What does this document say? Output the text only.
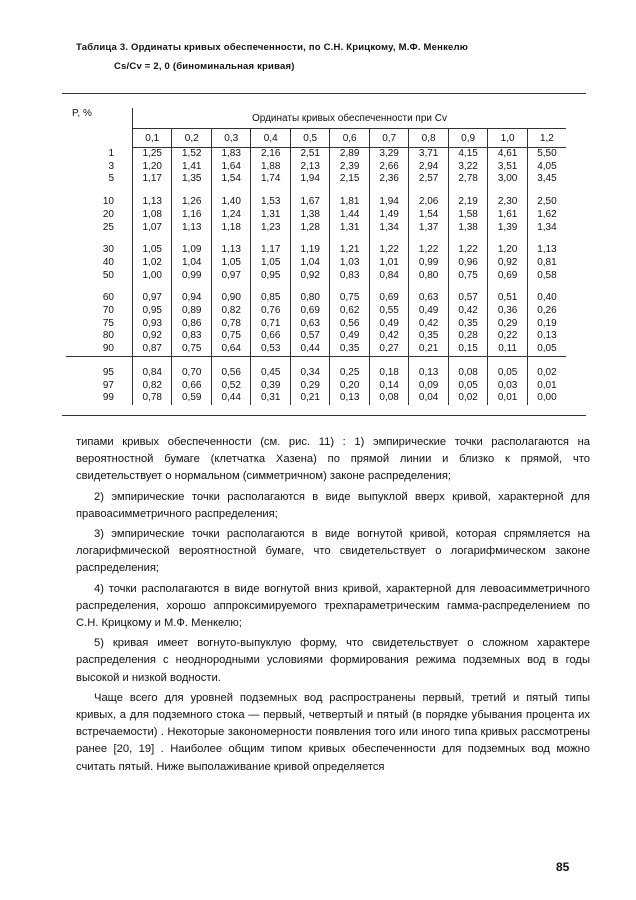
Таблица 3. Ординаты кривых обеспеченности, по С.Н. Крицкому, М.Ф. Менкелю
Cs/Cv = 2, 0 (биноминальная кривая)
P, %	Ординаты кривых обеспеченности при Cv										
	0,1	0,2	0,3	0,4	0,5	0,6	0,7	0,8	0,9	1,0	1,2
1	1,25	1,52	1,83	2,16	2,51	2,89	3,29	3,71	4,15	4,61	5,50
3	1,20	1,41	1,64	1,88	2,13	2,39	2,66	2,94	3,22	3,51	4,05
5	1,17	1,35	1,54	1,74	1,94	2,15	2,36	2,57	2,78	3,00	3,45
10	1,13	1,26	1,40	1,53	1,67	1,81	1,94	2,06	2,19	2,30	2,50
20	1,08	1,16	1,24	1,31	1,38	1,44	1,49	1,54	1,58	1,61	1,62
25	1,07	1,13	1,18	1,23	1,28	1,31	1,34	1,37	1,38	1,39	1,34
30	1,05	1,09	1,13	1,17	1,19	1,21	1,22	1,22	1,22	1,20	1,13
40	1,02	1,04	1,05	1,05	1,04	1,03	1,01	0,99	0,96	0,92	0,81
50	1,00	0,99	0,97	0,95	0,92	0,83	0,84	0,80	0,75	0,69	0,58
60	0,97	0,94	0,90	0,85	0,80	0,75	0,69	0,63	0,57	0,51	0,40
70	0,95	0,89	0,82	0,76	0,69	0,62	0,55	0,49	0,42	0,36	0,26
75	0,93	0,86	0,78	0,71	0,63	0,56	0,49	0,42	0,35	0,29	0,19
80	0,92	0,83	0,75	0,66	0,57	0,49	0,42	0,35	0,28	0,22	0,13
90	0,87	0,75	0,64	0,53	0,44	0,35	0,27	0,21	0,15	0,11	0,05
95	0,84	0,70	0,56	0,45	0,34	0,25	0,18	0,13	0,08	0,05	0,02
97	0,82	0,66	0,52	0,39	0,29	0,20	0,14	0,09	0,05	0,03	0,01
99	0,78	0,59	0,44	0,31	0,21	0,13	0,08	0,04	0,02	0,01	0,00

типами кривых обеспеченности (см. рис. 11) : 1) эмпирические точки располагаются на вероятностной бумаге (клетчатка Хазена) по прямой линии и близко к прямой, что свидетельствует о нормальном (симметричном) законе распределения;

2) эмпирические точки располагаются в виде выпуклой вверх кривой, характерной для правоасимметричного распределения;

3) эмпирические точки располагаются в виде вогнутой кривой, которая спрямляется на логарифмической вероятностной бумаге, что свидетельствует о логарифмическом законе распределения;

4) точки располагаются в виде вогнутой вниз кривой, характерной для левоасимметричного распределения, хорошо аппроксимируемого трехпараметрическим гамма-распределением по С.Н. Крицкому и М.Ф. Менкелю;

5) кривая имеет вогнуто-выпуклую форму, что свидетельствует о сложном характере распределения с неоднородными условиями формирования режима подземных вод в годы высокой и низкой водности.

Чаще всего для уровней подземных вод распространены первый, третий и пятый типы кривых, а для подземного стока — первый, четвертый и пятый (в порядке убывания процента их встречаемости) . Некоторые закономерности появления того или иного типа кривых рассмотрены ранее [20, 19] . Наиболее общим типом кривых обеспеченности для подземных вод можно считать пятый. Ниже выполаживание кривой определяется

85
